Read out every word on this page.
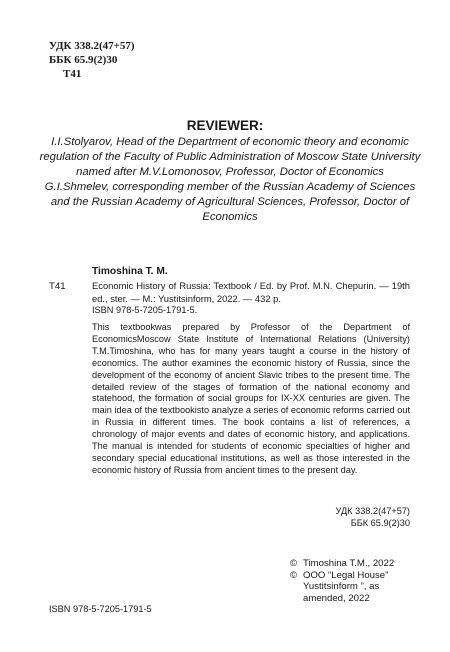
УДК 338.2(47+57)
ББК 65.9(2)30
Т41
REVIEWER:
I.I.Stolyarov, Head of the Department of economic theory and economic regulation of the Faculty of Public Administration of Moscow State University named after M.V.Lomonosov, Professor, Doctor of Economics
G.I.Shmelev, corresponding member of the Russian Academy of Sciences and the Russian Academy of Agricultural Sciences, Professor, Doctor of Economics
T41
Timoshina T. M.
Economic History of Russia: Textbook / Ed. by Prof. M.N. Chepurin. — 19th ed., ster. — M.: Yustitsinform, 2022. — 432 p.
ISBN 978-5-7205-1791-5.

This textbookwas prepared by Professor of the Department of EconomicsMoscow State Institute of International Relations (University) T.M.Timoshina, who has for many years taught a course in the history of economics. The author examines the economic history of Russia, since the development of the economy of ancient Slavic tribes to the present time. The detailed review of the stages of formation of the national economy and statehood, the formation of social groups for IX-XX centuries are given. The main idea of the textbookisto analyze a series of economic reforms carried out in Russia in different times. The book contains a list of references, a chronology of major events and dates of economic history, and applications. The manual is intended for students of economic specialties of higher and secondary special educational institutions, as well as those interested in the economic history of Russia from ancient times to the present day.

УДК 338.2(47+57)
ББК 65.9(2)30
© Timoshina T.M., 2022
© OOO “Legal House” Yustitsinform ”, as amended, 2022
ISBN 978-5-7205-1791-5
